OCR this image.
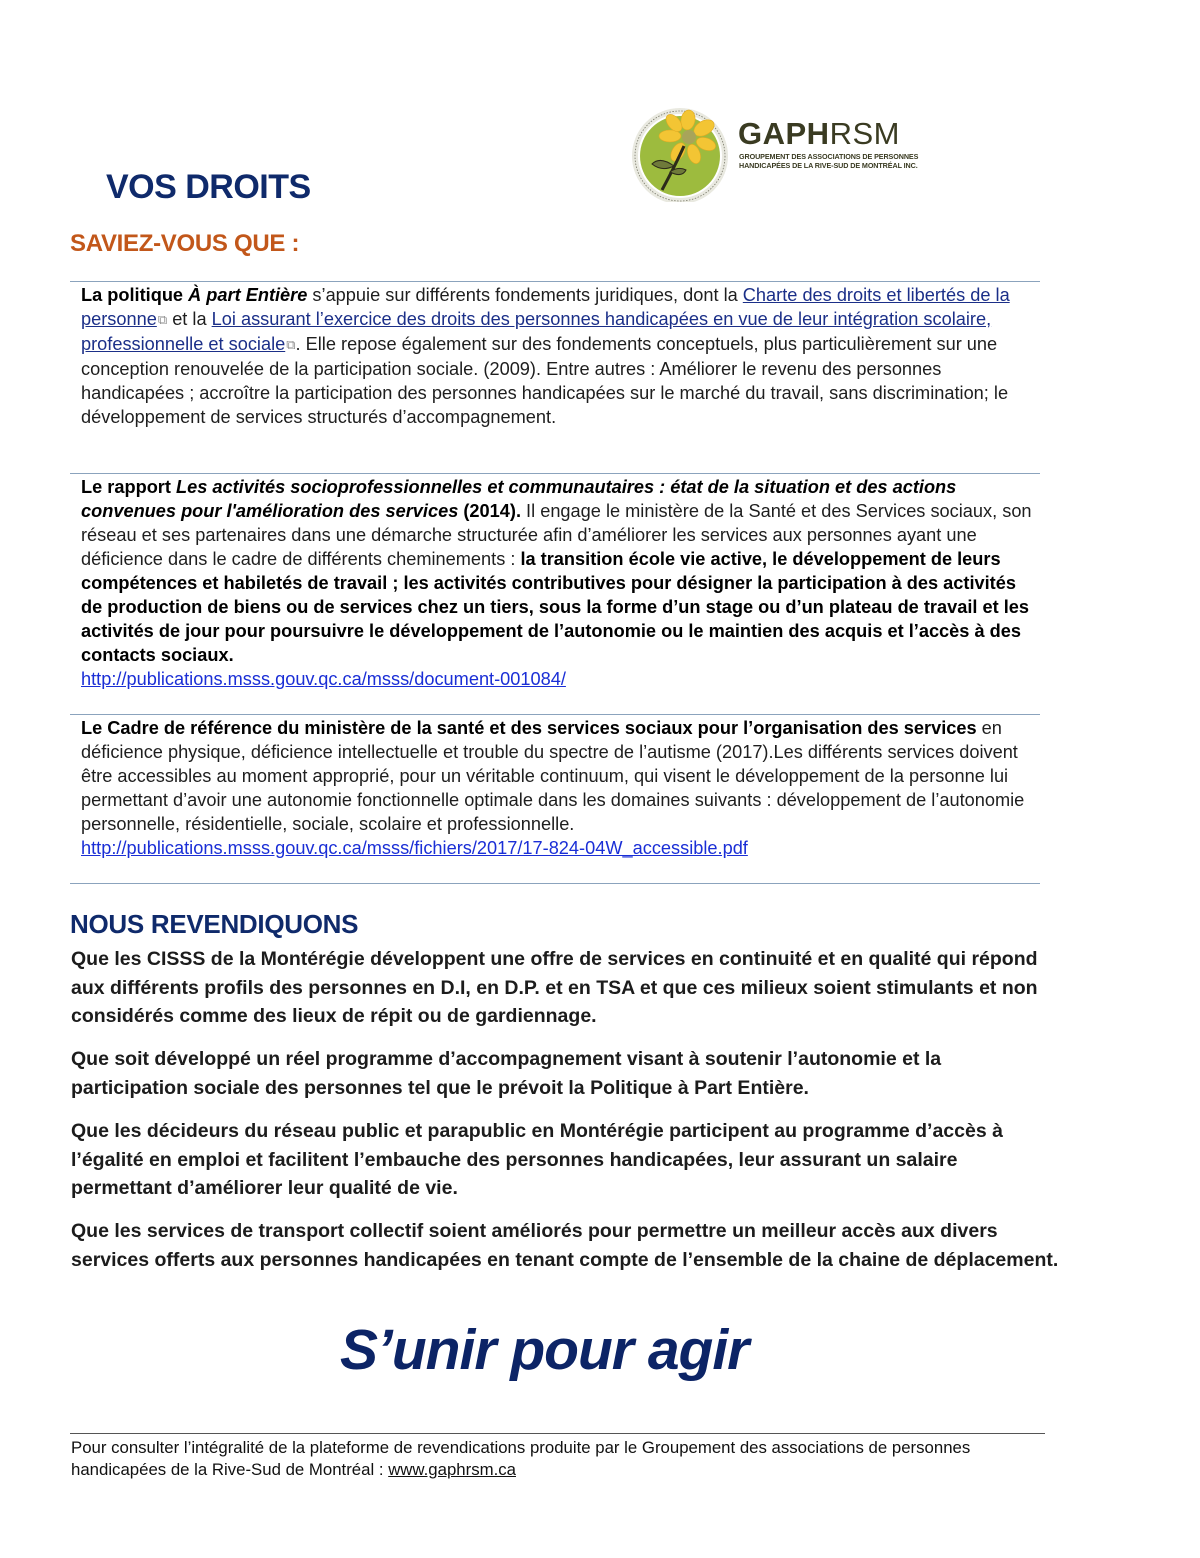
GAPHRSM
GROUPEMENT DES ASSOCIATIONS DE PERSONNES
HANDICAPÉES DE LA RIVE-SUD DE MONTRÉAL INC.
VOS DROITS
SAVIEZ-VOUS QUE :
La politique À part Entière s’appuie sur différents fondements juridiques, dont la Charte des droits et libertés de la personne⧉ et la Loi assurant l’exercice des droits des personnes handicapées en vue de leur intégration scolaire, professionnelle et sociale⧉. Elle repose également sur des fondements conceptuels, plus particulièrement sur une conception renouvelée de la participation sociale. (2009). Entre autres : Améliorer le revenu des personnes handicapées ; accroître la participation des personnes handicapées sur le marché du travail, sans discrimination; le développement de services structurés d’accompagnement.
Le rapport Les activités socioprofessionnelles et communautaires : état de la situation et des actions convenues pour l'amélioration des services (2014). Il engage le ministère de la Santé et des Services sociaux, son réseau et ses partenaires dans une démarche structurée afin d’améliorer les services aux personnes ayant une déficience dans le cadre de différents cheminements : la transition école vie active, le développement de leurs compétences et habiletés de travail ; les activités contributives pour désigner la participation à des activités de production de biens ou de services chez un tiers, sous la forme d’un stage ou d’un plateau de travail et les activités de jour pour poursuivre le développement de l’autonomie ou le maintien des acquis et l’accès à des contacts sociaux.
http://publications.msss.gouv.qc.ca/msss/document-001084/
Le Cadre de référence du ministère de la santé et des services sociaux pour l’organisation des services en déficience physique, déficience intellectuelle et trouble du spectre de l’autisme (2017).Les différents services doivent être accessibles au moment approprié, pour un véritable continuum, qui visent le développement de la personne lui permettant d’avoir une autonomie fonctionnelle optimale dans les domaines suivants : développement de l’autonomie personnelle, résidentielle, sociale, scolaire et professionnelle. http://publications.msss.gouv.qc.ca/msss/fichiers/2017/17-824-04W_accessible.pdf
NOUS REVENDIQUONS
Que les CISSS de la Montérégie développent une offre de services en continuité et en qualité qui répond aux différents profils des personnes en D.I, en D.P. et en TSA et que ces milieux soient stimulants et non considérés comme des lieux de répit ou de gardiennage.
Que soit développé un réel programme d’accompagnement visant à soutenir l’autonomie et la participation sociale des personnes tel que le prévoit la Politique à Part Entière.
Que les décideurs du réseau public et parapublic en Montérégie participent au programme d’accès à l’égalité en emploi et facilitent l’embauche des personnes handicapées, leur assurant un salaire permettant d’améliorer leur qualité de vie.
Que les services de transport collectif soient améliorés pour permettre un meilleur accès aux divers services offerts aux personnes handicapées en tenant compte de l’ensemble de la chaine de déplacement.
S’unir pour agir
Pour consulter l’intégralité de la plateforme de revendications produite par le Groupement des associations de personnes handicapées de la Rive-Sud de Montréal : www.gaphrsm.ca
